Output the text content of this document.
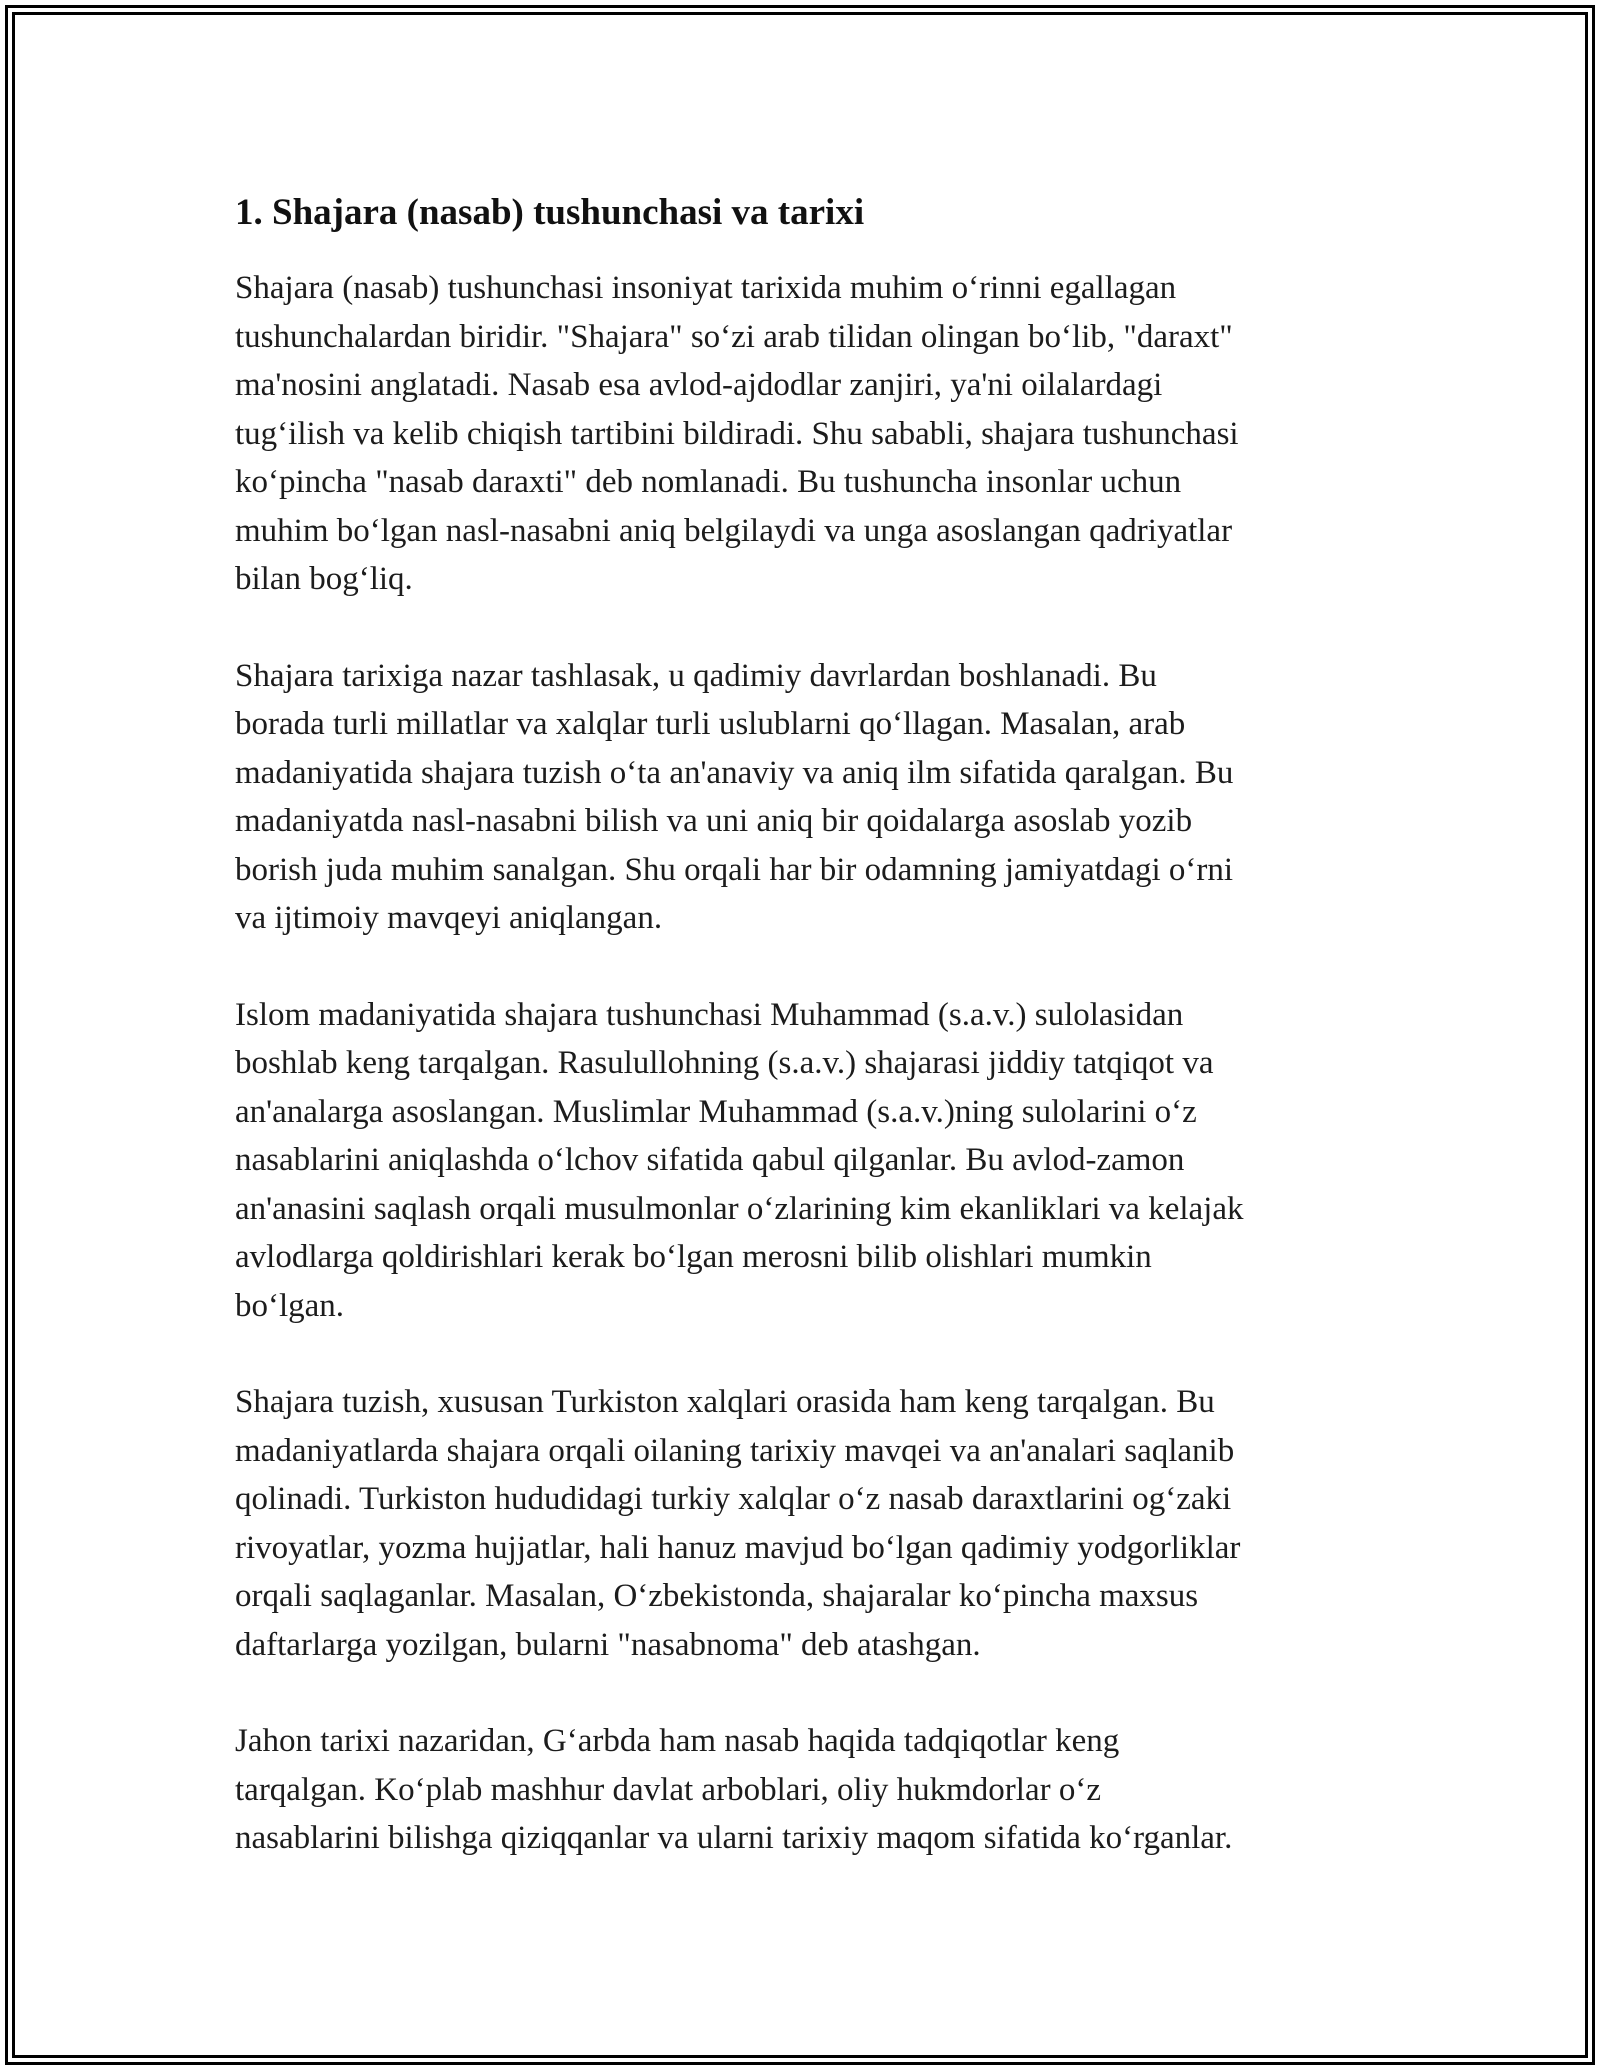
1. Shajara (nasab) tushunchasi va tarixi

Shajara (nasab) tushunchasi insoniyat tarixida muhim o‘rinni egallagan
tushunchalardan biridir. "Shajara" so‘zi arab tilidan olingan bo‘lib, "daraxt"
ma'nosini anglatadi. Nasab esa avlod-ajdodlar zanjiri, ya'ni oilalardagi
tug‘ilish va kelib chiqish tartibini bildiradi. Shu sababli, shajara tushunchasi
ko‘pincha "nasab daraxti" deb nomlanadi. Bu tushuncha insonlar uchun
muhim bo‘lgan nasl-nasabni aniq belgilaydi va unga asoslangan qadriyatlar
bilan bog‘liq.

Shajara tarixiga nazar tashlasak, u qadimiy davrlardan boshlanadi. Bu
borada turli millatlar va xalqlar turli uslublarni qo‘llagan. Masalan, arab
madaniyatida shajara tuzish o‘ta an'anaviy va aniq ilm sifatida qaralgan. Bu
madaniyatda nasl-nasabni bilish va uni aniq bir qoidalarga asoslab yozib
borish juda muhim sanalgan. Shu orqali har bir odamning jamiyatdagi o‘rni
va ijtimoiy mavqeyi aniqlangan.

Islom madaniyatida shajara tushunchasi Muhammad (s.a.v.) sulolasidan
boshlab keng tarqalgan. Rasulullohning (s.a.v.) shajarasi jiddiy tatqiqot va
an'analarga asoslangan. Muslimlar Muhammad (s.a.v.)ning sulolarini o‘z
nasablarini aniqlashda o‘lchov sifatida qabul qilganlar. Bu avlod-zamon
an'anasini saqlash orqali musulmonlar o‘zlarining kim ekanliklari va kelajak
avlodlarga qoldirishlari kerak bo‘lgan merosni bilib olishlari mumkin
bo‘lgan.

Shajara tuzish, xususan Turkiston xalqlari orasida ham keng tarqalgan. Bu
madaniyatlarda shajara orqali oilaning tarixiy mavqei va an'analari saqlanib
qolinadi. Turkiston hududidagi turkiy xalqlar o‘z nasab daraxtlarini og‘zaki
rivoyatlar, yozma hujjatlar, hali hanuz mavjud bo‘lgan qadimiy yodgorliklar
orqali saqlaganlar. Masalan, O‘zbekistonda, shajaralar ko‘pincha maxsus
daftarlarga yozilgan, bularni "nasabnoma" deb atashgan.

Jahon tarixi nazaridan, G‘arbda ham nasab haqida tadqiqotlar keng
tarqalgan. Ko‘plab mashhur davlat arboblari, oliy hukmdorlar o‘z
nasablarini bilishga qiziqqanlar va ularni tarixiy maqom sifatida ko‘rganlar.
